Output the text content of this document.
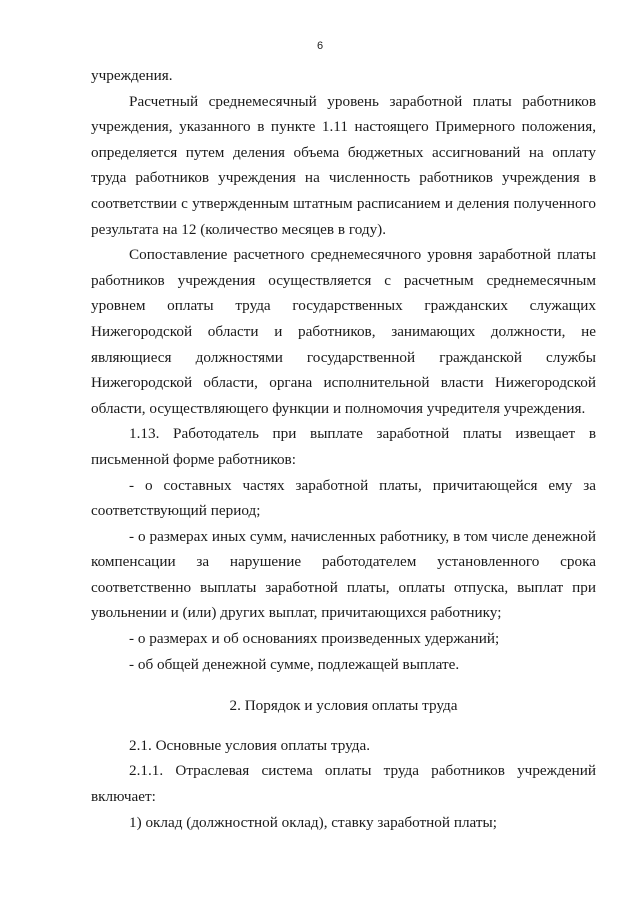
6

учреждения.

Расчетный среднемесячный уровень заработной платы работников учреждения, указанного в пункте 1.11 настоящего Примерного положения, определяется путем деления объема бюджетных ассигнований на оплату труда работников учреждения на численность работников учреждения в соответствии с утвержденным штатным расписанием и деления полученного результата на 12 (количество месяцев в году).

Сопоставление расчетного среднемесячного уровня заработной платы работников учреждения осуществляется с расчетным среднемесячным уровнем оплаты труда государственных гражданских служащих Нижегородской области и работников, занимающих должности, не являющиеся должностями государственной гражданской службы Нижегородской области, органа исполнительной власти Нижегородской области, осуществляющего функции и полномочия учредителя учреждения.

1.13. Работодатель при выплате заработной платы извещает в письменной форме работников:

- о составных частях заработной платы, причитающейся ему за соответствующий период;

- о размерах иных сумм, начисленных работнику, в том числе денежной компенсации за нарушение работодателем установленного срока соответственно выплаты заработной платы, оплаты отпуска, выплат при увольнении и (или) других выплат, причитающихся работнику;

- о размерах и об основаниях произведенных удержаний;

- об общей денежной сумме, подлежащей выплате.

2. Порядок и условия оплаты труда

2.1. Основные условия оплаты труда.

2.1.1. Отраслевая система оплаты труда работников учреждений включает:

1) оклад (должностной оклад), ставку заработной платы;
